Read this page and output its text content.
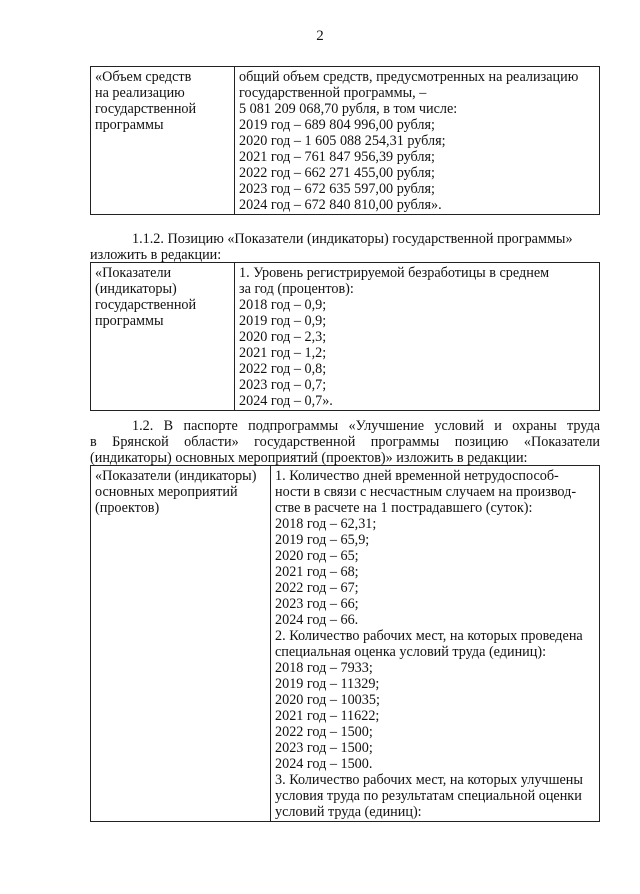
2
«Объем средств
на реализацию
государственной
программы

общий объем средств, предусмотренных на реализацию
государственной программы, –
5 081 209 068,70 рубля, в том числе:
2019 год – 689 804 996,00 рубля;
2020 год – 1 605 088 254,31 рубля;
2021 год – 761 847 956,39 рубля;
2022 год – 662 271 455,00 рубля;
2023 год – 672 635 597,00 рубля;
2024 год – 672 840 810,00 рубля».
1.1.2. Позицию «Показатели (индикаторы) государственной программы»
изложить в редакции:
«Показатели
(индикаторы)
государственной
программы

1. Уровень регистрируемой безработицы в среднем
за год (процентов):
2018 год – 0,9;
2019 год – 0,9;
2020 год – 2,3;
2021 год – 1,2;
2022 год – 0,8;
2023 год – 0,7;
2024 год – 0,7».
1.2. В паспорте подпрограммы «Улучшение условий и охраны труда
в Брянской области» государственной программы позицию «Показатели
(индикаторы) основных мероприятий (проектов)» изложить в редакции:
«Показатели (индикаторы)
основных мероприятий
(проектов)

1. Количество дней временной нетрудоспособ-
ности в связи с несчастным случаем на производ-
стве в расчете на 1 пострадавшего (суток):
2018 год – 62,31;
2019 год – 65,9;
2020 год – 65;
2021 год – 68;
2022 год – 67;
2023 год – 66;
2024 год – 66.
2. Количество рабочих мест, на которых проведена
специальная оценка условий труда (единиц):
2018 год – 7933;
2019 год – 11329;
2020 год – 10035;
2021 год – 11622;
2022 год – 1500;
2023 год – 1500;
2024 год – 1500.
3. Количество рабочих мест, на которых улучшены
условия труда по результатам специальной оценки
условий труда (единиц):
